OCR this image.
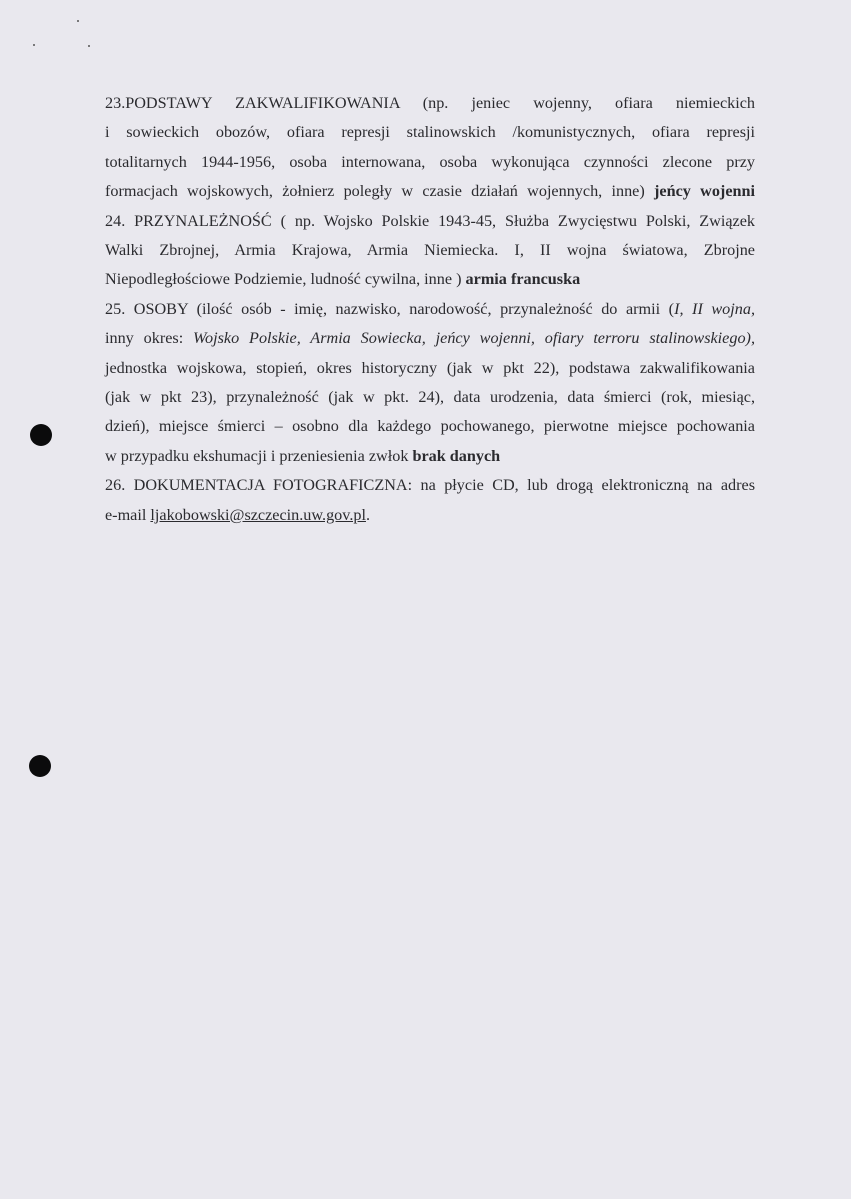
23.PODSTAWY ZAKWALIFIKOWANIA (np. jeniec wojenny, ofiara niemieckich

i sowieckich obozów, ofiara represji stalinowskich /komunistycznych, ofiara represji

totalitarnych 1944-1956, osoba internowana, osoba wykonująca czynności zlecone przy

formacjach wojskowych, żołnierz poległy w czasie działań wojennych, inne) jeńcy wojenni

24. PRZYNALEŻNOŚĆ ( np. Wojsko Polskie 1943-45, Służba Zwycięstwu Polski, Związek

Walki Zbrojnej, Armia Krajowa, Armia Niemiecka. I, II wojna światowa, Zbrojne

Niepodległościowe Podziemie, ludność cywilna, inne ) armia francuska

25. OSOBY (ilość osób - imię, nazwisko, narodowość, przynależność do armii (I, II wojna,

inny okres: Wojsko Polskie, Armia Sowiecka, jeńcy wojenni, ofiary terroru stalinowskiego),

jednostka wojskowa, stopień, okres historyczny (jak w pkt 22), podstawa zakwalifikowania

(jak w pkt 23), przynależność (jak w pkt. 24), data urodzenia, data śmierci (rok, miesiąc,

dzień), miejsce śmierci – osobno dla każdego pochowanego, pierwotne miejsce pochowania

w przypadku ekshumacji i przeniesienia zwłok brak danych

26. DOKUMENTACJA FOTOGRAFICZNA: na płycie CD, lub drogą elektroniczną na adres

e-mail ljakobowski@szczecin.uw.gov.pl.
